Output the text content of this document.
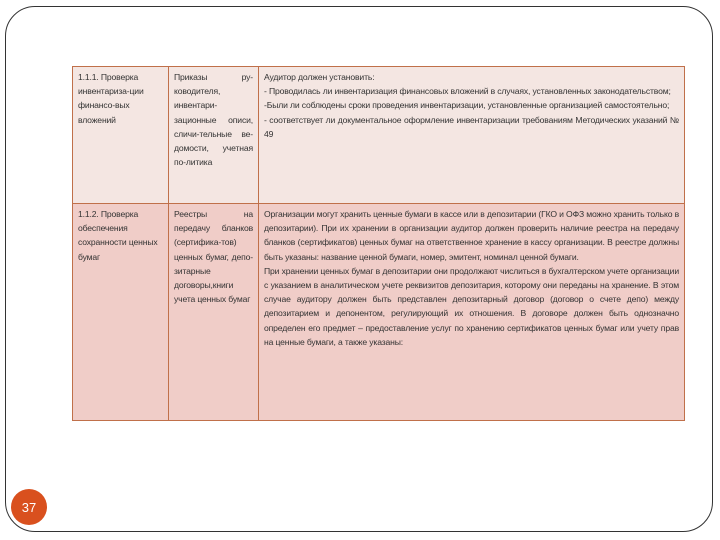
1.1.1. Проверка инвентариза-ции финансо-вых вложений	Приказы ру-ководителя, инвентари-зационные описи, сличи-тельные ве-домости, учетная по-литика	Аудитор должен установить:
- Проводилась ли инвентаризация финансовых вложений в случаях, установленных законодательством;
-Были ли соблюдены сроки проведения инвентаризации, установленные организацией самостоятельно;
- соответствует ли документальное оформление инвентаризации требованиям Методических указаний № 49

1.1.2. Проверка обеспечения сохранности ценных бумаг	Реестры на передачу бланков (сертифика-тов) ценных бумаг, депо-зитарные договоры,книги учета ценных бумаг	Организации могут хранить ценные бумаги в кассе или в депозитарии (ГКО и ОФЗ можно хранить только в депозитарии). При их хранении в организации аудитор должен проверить наличие реестра на передачу бланков (сертификатов) ценных бумаг на ответственное хранение в кассу организации. В реестре должны быть указаны: название ценной бумаги, номер, эмитент, номинал ценной бумаги.
При хранении ценных бумаг в депозитарии они продолжают числиться в бухгалтерском учете организации с указанием в аналитическом учете реквизитов депозитария, которому они переданы на хранение. В этом случае аудитору должен быть представлен депозитарный договор (договор о счете депо) между депозитарием и депонентом, регулирующий их отношения. В договоре должен быть однозначно определен его предмет – предоставление услуг по хранению сертификатов ценных бумаг или учету прав на ценные бумаги, а также указаны:
37
